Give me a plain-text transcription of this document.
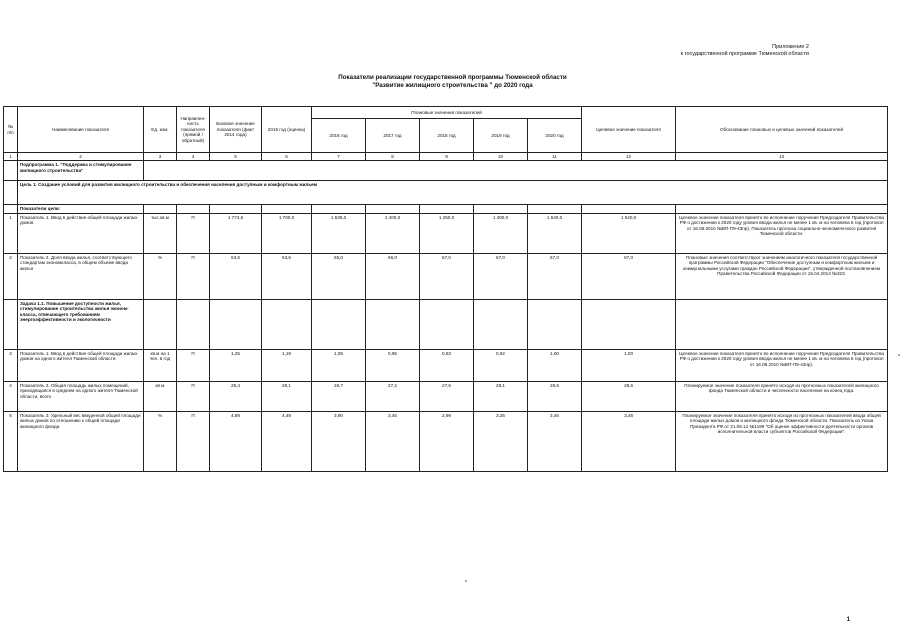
Приложение 2
к государственной программе Тюменской области
Показатели реализации государственной программы Тюменской области
"Развитие жилищного строительства " до 2020 года
№ п/п	Наименование показателя	Ед. изм.	Направлен-ность показателя (прямой / обратный)	Базовое значение показателя (факт 2014 года)	2015 год (оценка)	Плановые значения показателей					Целевое значение показателя	Обоснование плановых и целевых значений показателей
						2016 год	2017 год	2018 год	2019 год	2020 год		
1	2	3	4	5	6	7	8	9	10	11	12	13
	Подпрограмма 1. "Поддержка и стимулирование жилищного строительства"											
	Цель 1. Создание условий для развития жилищного строительства и обеспечения населения доступным и комфортным жильем											
	Показатели цели:											
1	Показатель 1. Ввод в действие общей площади жилых домов	тыс.кв.м	П	1 774,6	1 700,0	1 535,0	1 400,0	1 250,0	1 400,0	1 540,0	1 540,0	Целевое значение показателя принято во исполнение поручения Председателя Правительства РФ о достижении к 2020 году уровня ввода жилья не менее 1 кв. м на человека в год (протокол от 16.08.2010 №ВП-П9-43пр). Показатель прогноза социально-экономического развития Тюменской области.
2	Показатель 2. Доля ввода жилья, соответствующего стандартам экономкласса, в общем объеме ввода жилья	%	П	63,6	63,6	65,0	66,0	67,0	67,0	67,0	67,0	Плановые значения соответствуют значениям аналогичного показателя государственной программы Российской Федерации "Обеспечение доступным и комфортным жильем и коммунальными услугами граждан Российской Федерации", утвержденной постановлением Правительства Российской Федерации от 15.04.2014 №323.
	Задача 1.1. Повышение доступности жилья, стимулирование строительства жилья эконом-класса, отвечающего требованиям энергоэффективности и экологичности											
3	Показатель 1. Ввод в действие общей площади жилых домов на одного жителя Тюменской области	кв.м на 1 чел. в год	П	1,25	1,19	1,05	0,95	0,83	0,92	1,00	1,00	Целевое значение показателя принято во исполнение поручения Председателя Правительства РФ о достижении к 2020 году уровня ввода жилья не менее 1 кв. м на человека в год (протокол от 16.08.2010 №ВП-П9-43пр).
4	Показатель 2. Общая площадь жилых помещений, приходящаяся в среднем на одного жителя Тюменской области, всего	кв.м	П	25,4	26,1	26,7	27,2	27,6	28,1	28,6	28,6	Планируемое значение показателя принято исходя из прогнозных показателей жилищного фонда Тюменской области и численности населения на конец года.
5	Показатель 3. Удельный вес введенной общей площади жилых домов по отношению к общей площади жилищного фонда	%	П	4,89	4,49	3,90	3,45	2,99	3,25	3,46	3,46	Планируемое значение показателя принято исходя из прогнозных показателей ввода общей площади жилых домов и жилищного фонда Тюменской области. Показатель из Указа Президента РФ от 21.08.12 №1199 "Об оценке эффективности деятельности органов исполнительной власти субъектов Российской Федерации".
1
